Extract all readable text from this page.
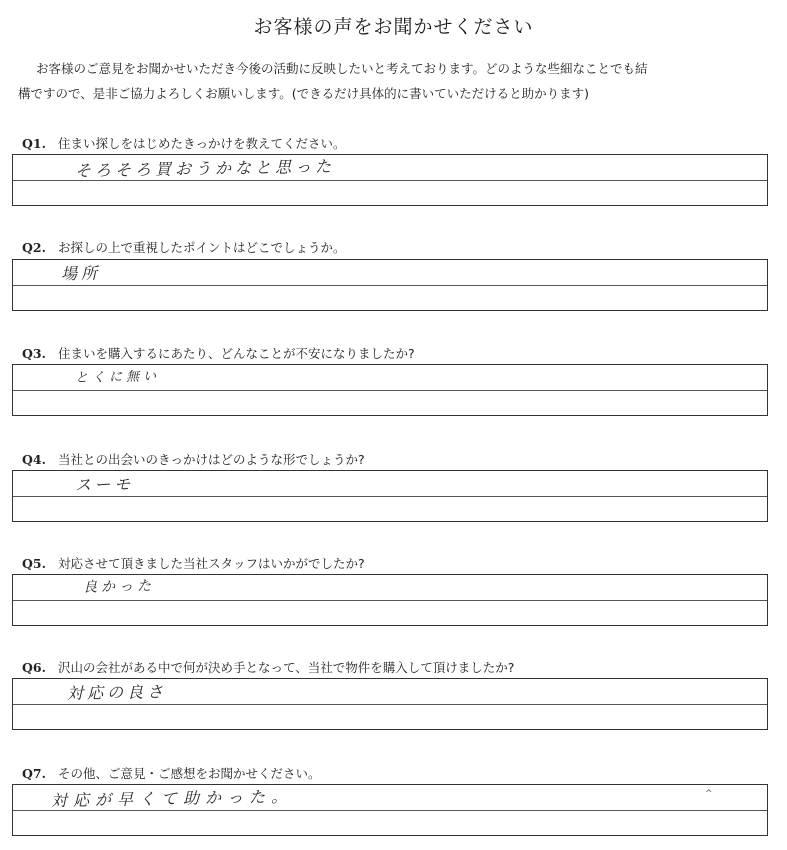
お客様の声をお聞かせください
お客様のご意見をお聞かせいただき今後の活動に反映したいと考えております。どのような些細なことでも結
構ですので、是非ご協力よろしくお願いします。(できるだけ具体的に書いていただけると助かります)
Q1. 住まい探しをはじめたきっかけを教えてください。
そろそろ買おうかなと思った
Q2. お探しの上で重視したポイントはどこでしょうか。
場所
Q3. 住まいを購入するにあたり、どんなことが不安になりましたか?
とくに無い
Q4. 当社との出会いのきっかけはどのような形でしょうか?
スーモ
Q5. 対応させて頂きました当社スタッフはいかがでしたか?
良かった
Q6. 沢山の会社がある中で何が決め手となって、当社で物件を購入して頂けましたか?
対応の良さ
Q7. その他、ご意見・ご感想をお聞かせください。
対応が早くて助かった。	^
